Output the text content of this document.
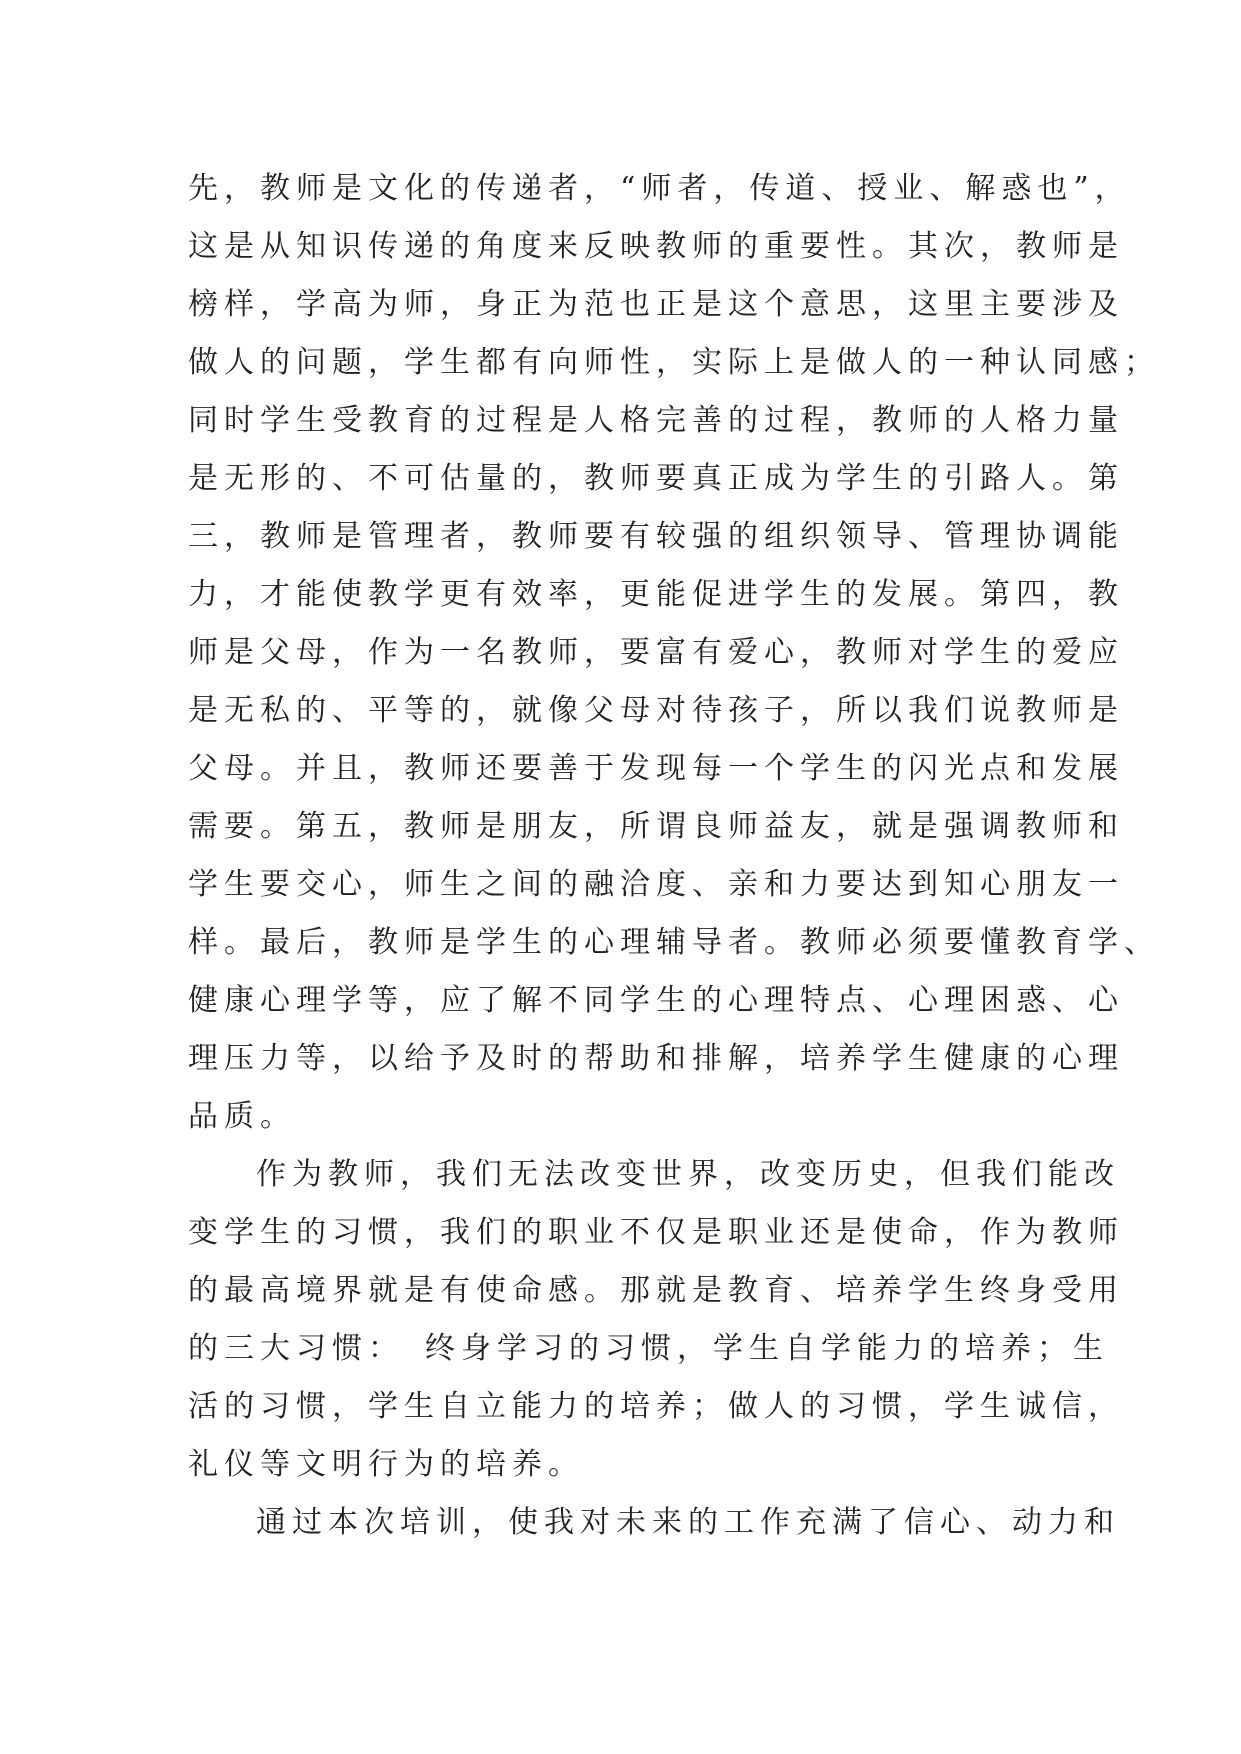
先，教师是文化的传递者，“师者，传道、授业、解惑也”，
这是从知识传递的角度来反映教师的重要性。其次，教师是
榜样，学高为师，身正为范也正是这个意思，这里主要涉及
做人的问题，学生都有向师性，实际上是做人的一种认同感；
同时学生受教育的过程是人格完善的过程，教师的人格力量
是无形的、不可估量的，教师要真正成为学生的引路人。第
三，教师是管理者，教师要有较强的组织领导、管理协调能
力，才能使教学更有效率，更能促进学生的发展。第四，教
师是父母，作为一名教师，要富有爱心，教师对学生的爱应
是无私的、平等的，就像父母对待孩子，所以我们说教师是
父母。并且，教师还要善于发现每一个学生的闪光点和发展
需要。第五，教师是朋友，所谓良师益友，就是强调教师和
学生要交心，师生之间的融洽度、亲和力要达到知心朋友一
样。最后，教师是学生的心理辅导者。教师必须要懂教育学、
健康心理学等，应了解不同学生的心理特点、心理困惑、心
理压力等，以给予及时的帮助和排解，培养学生健康的心理
品质。
作为教师，我们无法改变世界，改变历史，但我们能改
变学生的习惯，我们的职业不仅是职业还是使命，作为教师
的最高境界就是有使命感。那就是教育、培养学生终身受用
的三大习惯：　终身学习的习惯，学生自学能力的培养；生
活的习惯，学生自立能力的培养；做人的习惯，学生诚信，
礼仪等文明行为的培养。
通过本次培训，使我对未来的工作充满了信心、动力和
